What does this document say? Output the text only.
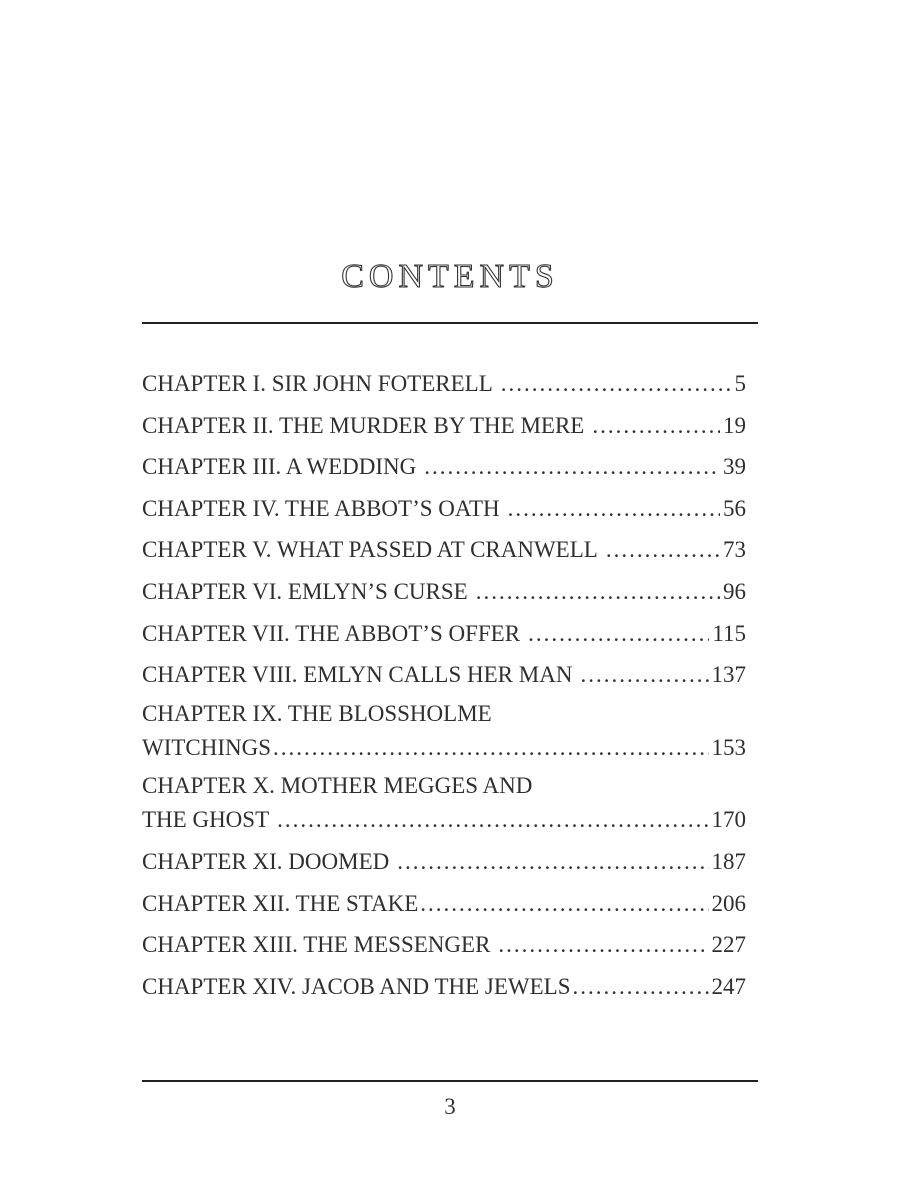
CONTENTS
CHAPTER I. SIR JOHN FOTERELL .....	5
CHAPTER II. THE MURDER BY THE MERE .....	19
CHAPTER III. A WEDDING .....	39
CHAPTER IV. THE ABBOT’S OATH .....	56
CHAPTER V. WHAT PASSED AT CRANWELL .....	73
CHAPTER VI. EMLYN’S CURSE .....	96
CHAPTER VII. THE ABBOT’S OFFER .....	115
CHAPTER VIII. EMLYN CALLS HER MAN .....	137
CHAPTER IX. THE BLOSSHOLME
WITCHINGS .....	153
CHAPTER X. MOTHER MEGGES AND
THE GHOST .....	170
CHAPTER XI. DOOMED .....	187
CHAPTER XII. THE STAKE .....	206
CHAPTER XIII. THE MESSENGER .....	227
CHAPTER XIV. JACOB AND THE JEWELS .....	247
3
